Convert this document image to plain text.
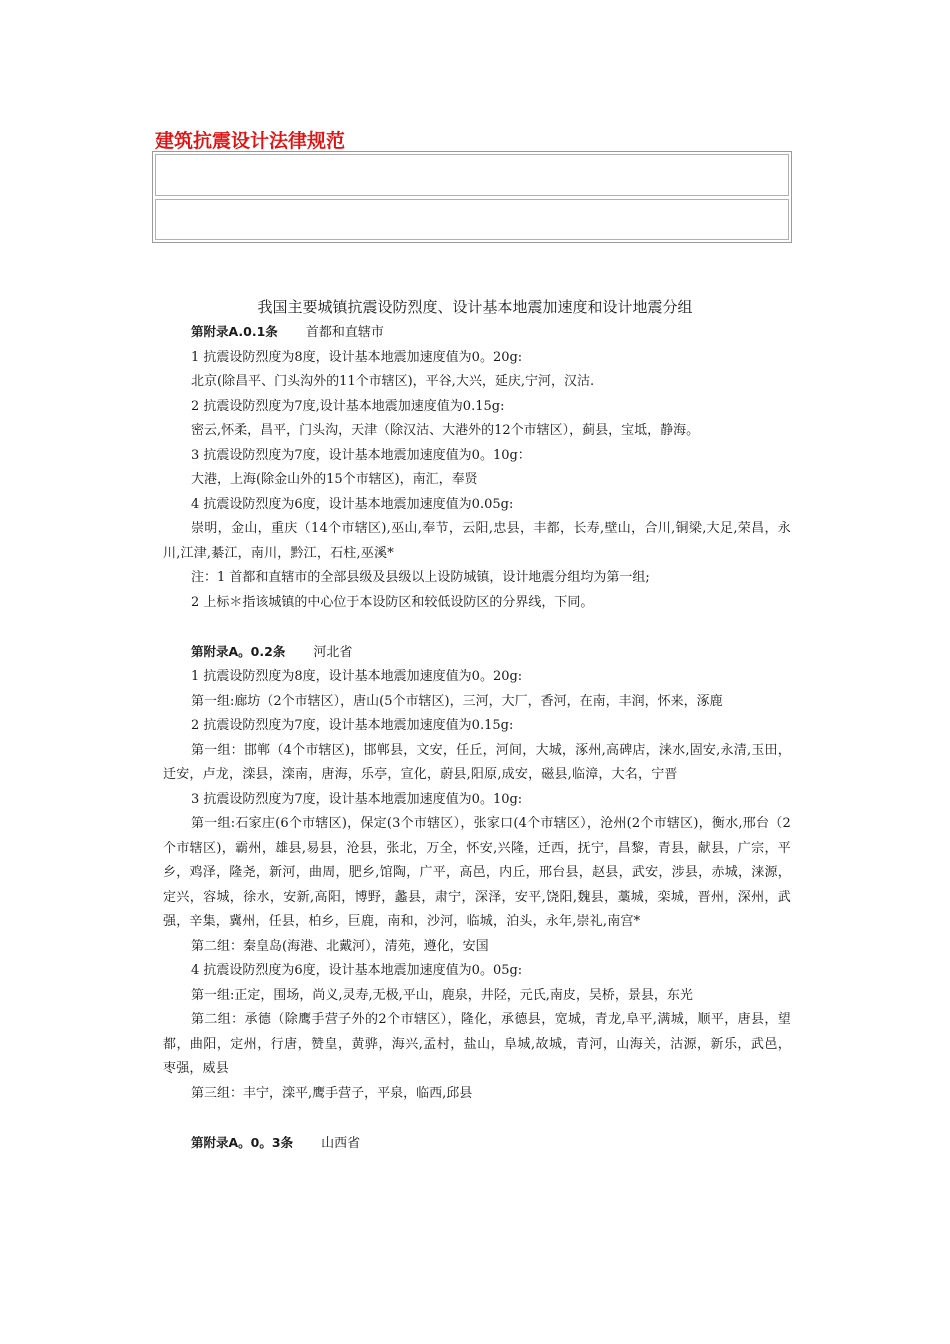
建筑抗震设计法律规范
我国主要城镇抗震设防烈度、设计基本地震加速度和设计地震分组

第附录A.0.1条 首都和直辖市

1 抗震设防烈度为8度，设计基本地震加速度值为0。20g:

北京(除昌平、门头沟外的11个市辖区)，平谷,大兴，延庆,宁河，汉沽.

2 抗震设防烈度为7度,设计基本地震加速度值为0.15g:

密云,怀柔，昌平，门头沟，天津（除汉沽、大港外的12个市辖区），蓟县，宝坻，静海。

3 抗震设防烈度为7度，设计基本地震加速度值为0。10g：

大港，上海(除金山外的15个市辖区)，南汇，奉贤

4 抗震设防烈度为6度，设计基本地震加速度值为0.05g:

崇明，金山，重庆（14个市辖区),巫山,奉节，云阳,忠县，丰都，长寿,壁山，合川,铜梁,大足,荣昌，永川,江津,綦江，南川，黔江，石柱,巫溪*

注：1 首都和直辖市的全部县级及县级以上设防城镇，设计地震分组均为第一组;

2 上标＊指该城镇的中心位于本设防区和较低设防区的分界线，下同。

第附录A。0.2条 河北省

1 抗震设防烈度为8度，设计基本地震加速度值为0。20g:

第一组:廊坊（2个市辖区），唐山(5个市辖区)，三河，大厂，香河，在南，丰润，怀来，涿鹿

2 抗震设防烈度为7度，设计基本地震加速度值为0.15g:

第一组：邯郸（4个市辖区)，邯郸县，文安，任丘，河间，大城，涿州,高碑店，涞水,固安,永清,玉田，迁安，卢龙，滦县，滦南，唐海，乐亭，宣化，蔚县,阳原,成安，磁县,临漳，大名，宁晋

3 抗震设防烈度为7度，设计基本地震加速度值为0。10g:

第一组:石家庄(6个市辖区)，保定(3个市辖区），张家口(4个市辖区），沧州(2个市辖区)，衡水,邢台（2个市辖区)，霸州，雄县,易县，沧县，张北，万全，怀安,兴隆，迁西，抚宁，昌黎，青县，献县，广宗，平乡，鸡泽，隆尧，新河，曲周，肥乡,馆陶，广平，高邑，内丘，邢台县，赵县，武安，涉县，赤城，涞源，定兴，容城，徐水，安新,高阳，博野，蠡县，肃宁，深泽，安平,饶阳,魏县，藁城，栾城，晋州，深州，武强，辛集，冀州，任县，柏乡，巨鹿，南和，沙河，临城，泊头，永年,崇礼,南宫*

第二组：秦皇岛(海港、北戴河），清苑，遵化，安国

4 抗震设防烈度为6度，设计基本地震加速度值为0。05g:

第一组:正定，围场，尚义,灵寿,无极,平山，鹿泉，井陉，元氏,南皮，吴桥，景县，东光

第二组：承德（除鹰手营子外的2个市辖区），隆化，承德县，宽城，青龙,阜平,满城，顺平，唐县，望都，曲阳，定州，行唐，赞皇，黄骅，海兴,孟村，盐山，阜城,故城，青河，山海关，沽源，新乐，武邑，枣强，威县

第三组：丰宁，滦平,鹰手营子，平泉，临西,邱县

第附录A。0。3条 山西省
